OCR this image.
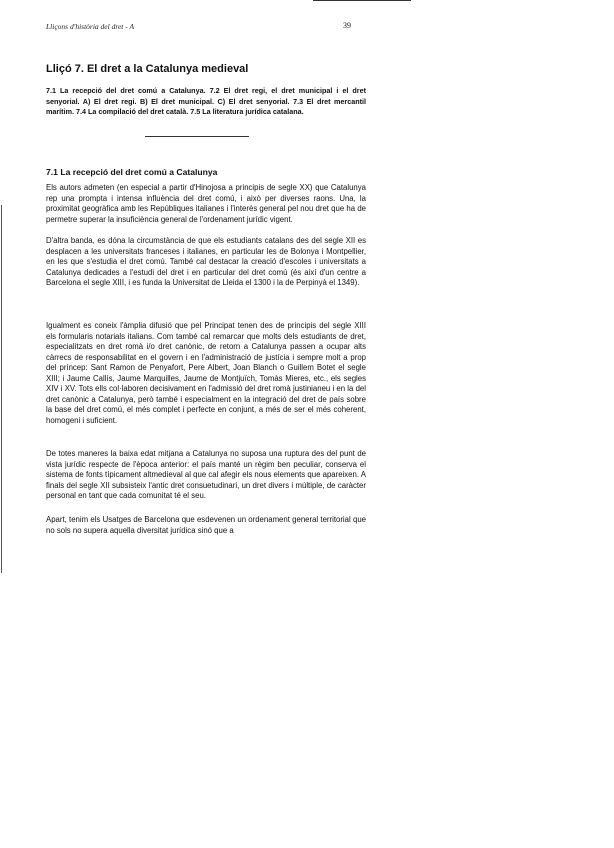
Lliçons d'història del dret - A	39
Lliçó 7. El dret a la Catalunya medieval

7.1 La recepció del dret comú a Catalunya. 7.2 El dret regi, el dret municipal i el dret senyorial. A) El dret regi. B) El dret municipal. C) El dret senyorial. 7.3 El dret mercantil marítim. 7.4 La compilació del dret català. 7.5 La literatura jurídica catalana.

7.1 La recepció del dret comú a Catalunya

Els autors admeten (en especial a partir d'Hinojosa a principis de segle XX) que Catalunya rep una prompta i intensa influència del dret comú, i això per diverses raons. Una, la proximitat geogràfica amb les Repúbliques italianes i l'interès general pel nou dret que ha de permetre superar la insuficiència general de l'ordenament jurídic vigent.

D'altra banda, es dóna la circumstància de que els estudiants catalans des del segle XII es desplacen a les universitats franceses i italianes, en particular les de Bolonya i Montpellier, en les que s'estudia el dret comú. També cal destacar la creació d'escoles i universitats a Catalunya dedicades a l'estudi del dret i en particular del dret comú (és així d'un centre a Barcelona el segle XIII, i es funda la Universitat de Lleida el 1300 i la de Perpinyà el 1349).

Igualment es coneix l'àmplia difusió que pel Principat tenen des de principis del segle XIII els formularis notarials italians. Com també cal remarcar que molts dels estudiants de dret, especialitzats en dret romà i/o dret canònic, de retorn a Catalunya passen a ocupar alts càrrecs de responsabilitat en el govern i en l'administració de justícia i sempre molt a prop del príncep: Sant Ramon de Penyafort, Pere Albert, Joan Blanch o Guillem Botet el segle XIII; i Jaume Callís, Jaume Marquilles, Jaume de Montjuïch, Tomàs Mieres, etc., els segles XIV i XV. Tots ells col·laboren decisivament en l'admissió del dret romà justinianeu i en la del dret canònic a Catalunya, però també i especialment en la integració del dret de país sobre la base del dret comú, el més complet i perfecte en conjunt, a més de ser el més coherent, homogeni i suficient.

De totes maneres la baixa edat mitjana a Catalunya no suposa una ruptura des del punt de vista jurídic respecte de l'època anterior: el país manté un règim ben peculiar, conserva el sistema de fonts típicament altmedieval al que cal afegir els nous elements que apareixen. A finals del segle XII subsisteix l'antic dret consuetudinari, un dret divers i múltiple, de caràcter personal en tant que cada comunitat té el seu.

Apart, tenim els Usatges de Barcelona que esdevenen un ordenament general territorial que no sols no supera aquella diversitat jurídica sinó que a
